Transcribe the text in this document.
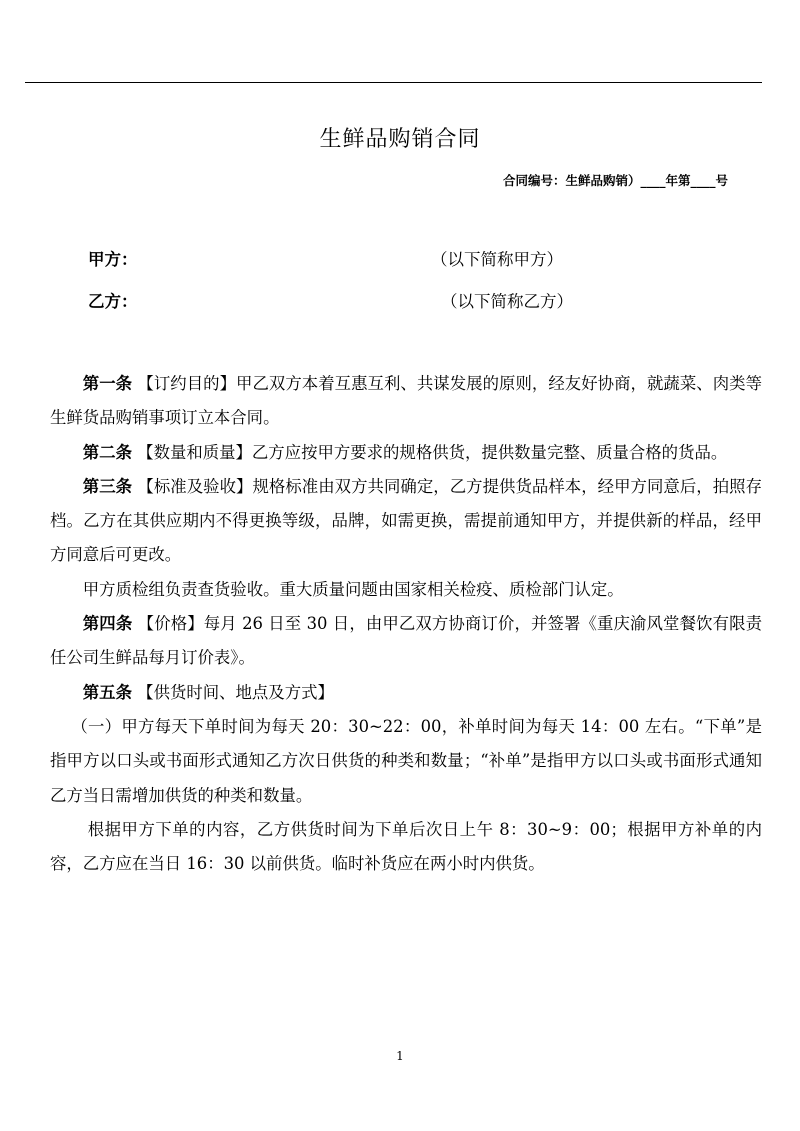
生鲜品购销合同
合同编号：生鲜品购销）____年第____号
甲方：	（以下简称甲方）
乙方：	（以下简称乙方）

第一条 【订约目的】甲乙双方本着互惠互利、共谋发展的原则，经友好协商，就蔬菜、肉类等生鲜货品购销事项订立本合同。

第二条 【数量和质量】乙方应按甲方要求的规格供货，提供数量完整、质量合格的货品。

第三条 【标准及验收】规格标准由双方共同确定，乙方提供货品样本，经甲方同意后，拍照存档。乙方在其供应期内不得更换等级，品牌，如需更换，需提前通知甲方，并提供新的样品，经甲方同意后可更改。

甲方质检组负责查货验收。重大质量问题由国家相关检疫、质检部门认定。

第四条 【价格】每月 26 日至 30 日，由甲乙双方协商订价，并签署《重庆渝风堂餐饮有限责任公司生鲜品每月订价表》。

第五条 【供货时间、地点及方式】

（一）甲方每天下单时间为每天 20：30~22：00，补单时间为每天 14：00 左右。“下单”是指甲方以口头或书面形式通知乙方次日供货的种类和数量；“补单”是指甲方以口头或书面形式通知乙方当日需增加供货的种类和数量。

根据甲方下单的内容，乙方供货时间为下单后次日上午 8：30~9：00；根据甲方补单的内容，乙方应在当日 16：30 以前供货。临时补货应在两小时内供货。

1
